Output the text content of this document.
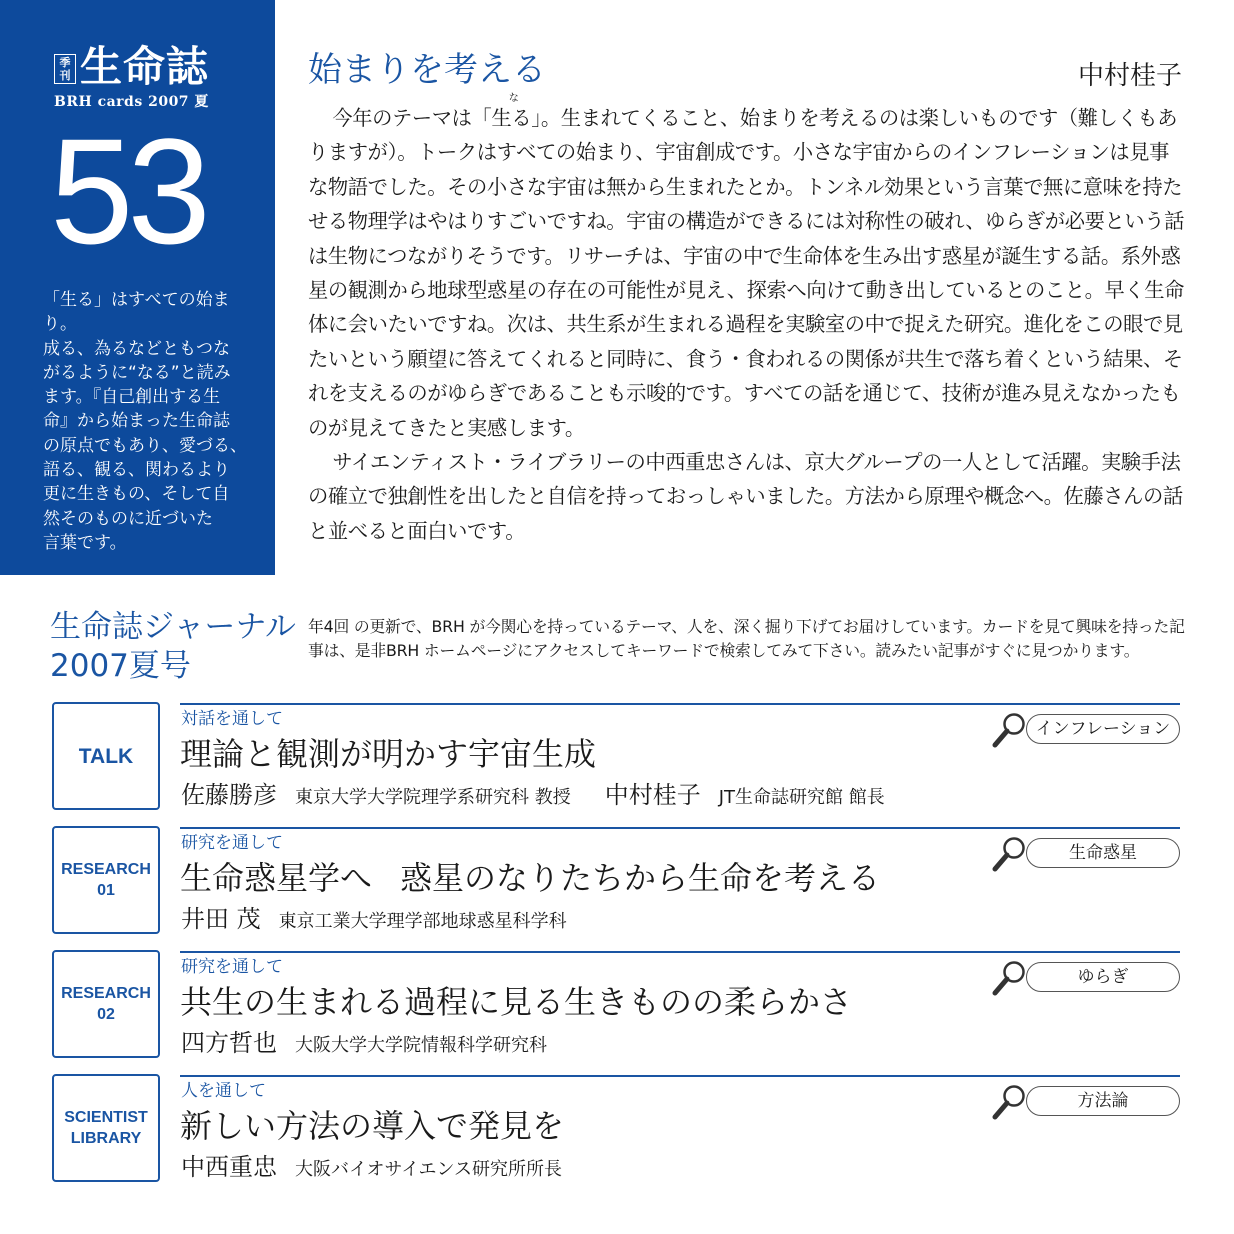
季刊 生命誌
BRH cards 2007 夏
53
「生る」はすべての始まり。
成る、為るなどともつな
がるように“なる”と読み
ます。『自己創出する生
命』から始まった生命誌
の原点でもあり、愛づる、
語る、観る、関わるより
更に生きもの、そして自
然そのものに近づいた
言葉です。
始まりを考える	中村桂子

今年のテーマは「
な
生る」。生まれてくること、始まりを考えるのは楽しいものです（難しくもありますが）。トークはすべての始まり、宇宙創成です。小さな宇宙からのインフレーションは見事な物語でした。その小さな宇宙は無から生まれたとか。トンネル効果という言葉で無に意味を持たせる物理学はやはりすごいですね。宇宙の構造ができるには対称性の破れ、ゆらぎが必要という話は生物につながりそうです。リサーチは、宇宙の中で生命体を生み出す惑星が誕生する話。系外惑星の観測から地球型惑星の存在の可能性が見え、探索へ向けて動き出しているとのこと。早く生命体に会いたいですね。次は、共生系が生まれる過程を実験室の中で捉えた研究。進化をこの眼で見たいという願望に答えてくれると同時に、食う・食われるの関係が共生で落ち着くという結果、それを支えるのがゆらぎであることも示唆的です。すべての話を通じて、技術が進み見えなかったものが見えてきたと実感します。

サイエンティスト・ライブラリーの中西重忠さんは、京大グループの一人として活躍。実験手法の確立で独創性を出したと自信を持っておっしゃいました。方法から原理や概念へ。佐藤さんの話と並べると面白いです。

生命誌ジャーナル
2007夏号
年4回 の更新で、BRH が今関心を持っているテーマ、人を、深く掘り下げてお届けしています。カードを見て興味を持った記事は、是非BRH ホームページにアクセスしてキーワードで検索してみて下さい。読みたい記事がすぐに見つかります。
TALK
対話を通して
理論と観測が明かす宇宙生成
佐藤勝彦 東京大学大学院理学系研究科 教授 中村桂子 JT生命誌研究館 館長
インフレーション
RESEARCH
01
研究を通して
生命惑星学へ 惑星のなりたちから生命を考える
井田 茂 東京工業大学理学部地球惑星科学科
生命惑星
RESEARCH
02
研究を通して
共生の生まれる過程に見る生きものの柔らかさ
四方哲也 大阪大学大学院情報科学研究科
ゆらぎ
SCIENTIST
LIBRARY
人を通して
新しい方法の導入で発見を
中西重忠 大阪バイオサイエンス研究所所長
方法論
